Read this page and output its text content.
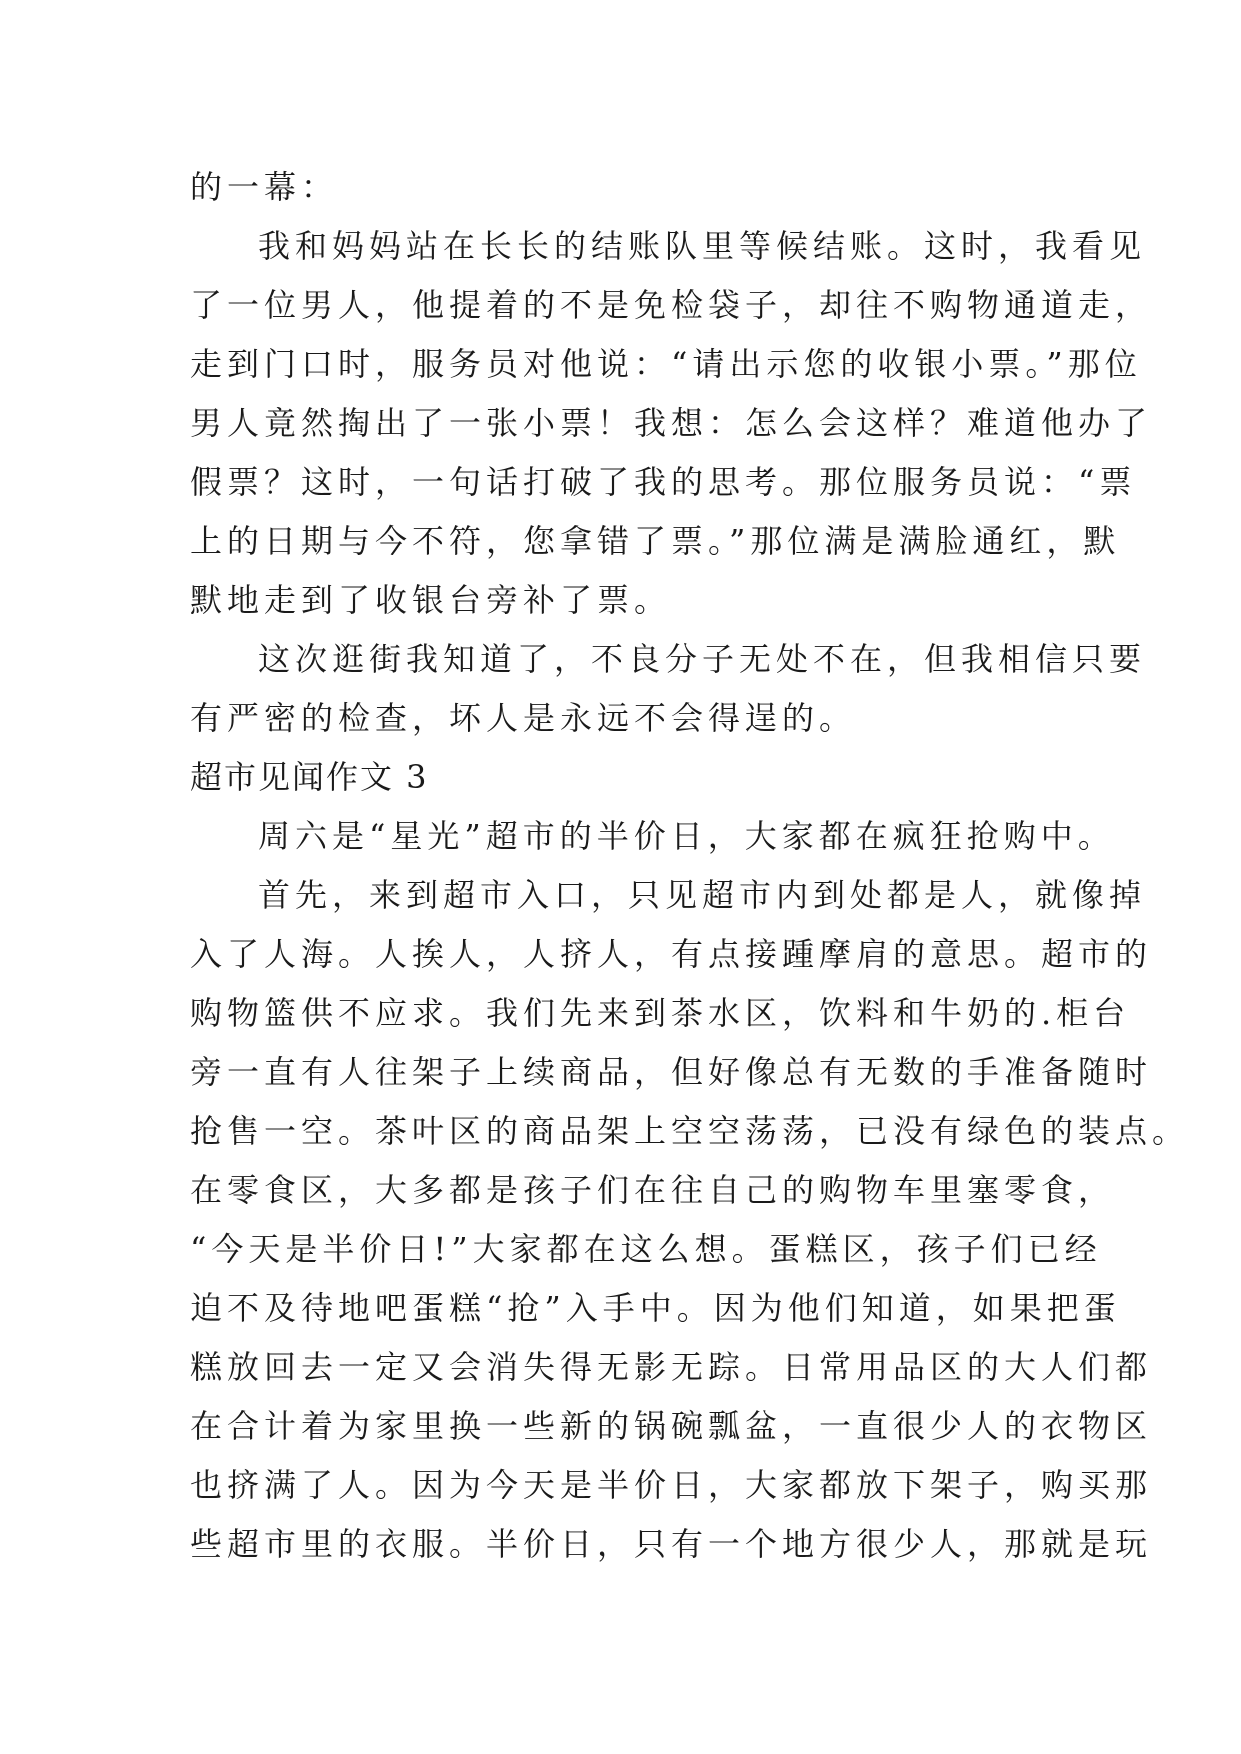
的一幕：
我和妈妈站在长长的结账队里等候结账。这时，我看见
了一位男人，他提着的不是免检袋子，却往不购物通道走，
走到门口时，服务员对他说：“请出示您的收银小票。”那位
男人竟然掏出了一张小票！我想：怎么会这样？难道他办了
假票？这时，一句话打破了我的思考。那位服务员说：“票
上的日期与今不符，您拿错了票。”那位满是满脸通红，默
默地走到了收银台旁补了票。
这次逛街我知道了，不良分子无处不在，但我相信只要
有严密的检查，坏人是永远不会得逞的。
超市见闻作文 3
周六是“星光”超市的半价日，大家都在疯狂抢购中。
首先，来到超市入口，只见超市内到处都是人，就像掉
入了人海。人挨人，人挤人，有点接踵摩肩的意思。超市的
购物篮供不应求。我们先来到茶水区，饮料和牛奶的.柜台
旁一直有人往架子上续商品，但好像总有无数的手准备随时
抢售一空。茶叶区的商品架上空空荡荡，已没有绿色的装点。
在零食区，大多都是孩子们在往自己的购物车里塞零食，
“今天是半价日!”大家都在这么想。蛋糕区，孩子们已经
迫不及待地吧蛋糕“抢”入手中。因为他们知道，如果把蛋
糕放回去一定又会消失得无影无踪。日常用品区的大人们都
在合计着为家里换一些新的锅碗瓢盆，一直很少人的衣物区
也挤满了人。因为今天是半价日，大家都放下架子，购买那
些超市里的衣服。半价日，只有一个地方很少人，那就是玩
